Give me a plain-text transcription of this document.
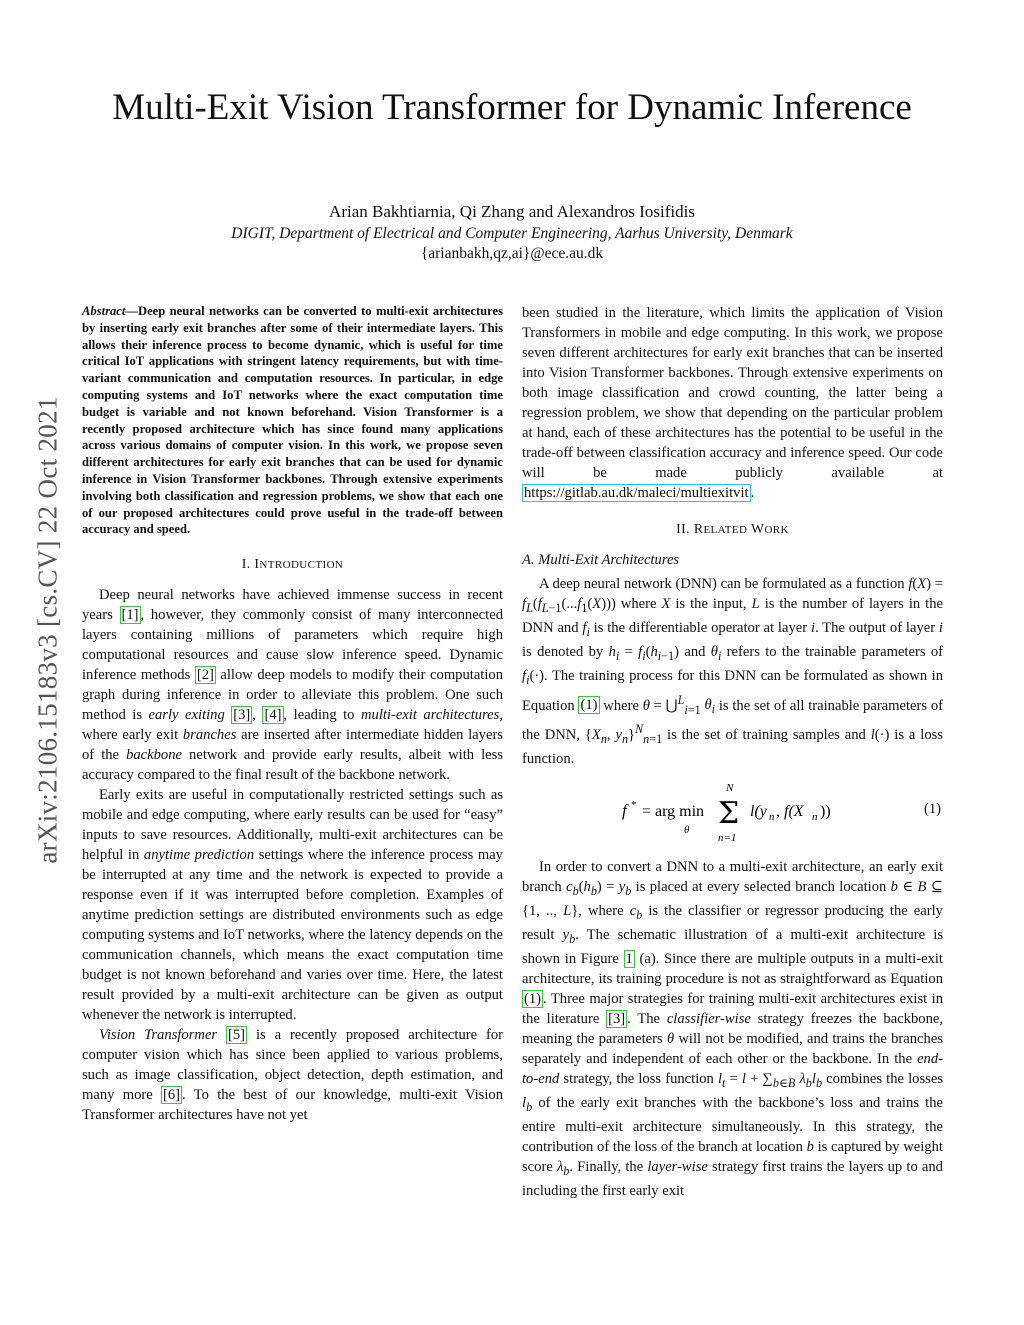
Multi-Exit Vision Transformer for Dynamic Inference
Arian Bakhtiarnia, Qi Zhang and Alexandros Iosifidis
DIGIT, Department of Electrical and Computer Engineering, Aarhus University, Denmark
{arianbakh,qz,ai}@ece.au.dk
arXiv:2106.15183v3 [cs.CV] 22 Oct 2021

Abstract—Deep neural networks can be converted to multi-exit architectures by inserting early exit branches after some of their intermediate layers. This allows their inference process to become dynamic, which is useful for time critical IoT applications with stringent latency requirements, but with time-variant communication and computation resources. In particular, in edge computing systems and IoT networks where the exact computation time budget is variable and not known beforehand. Vision Transformer is a recently proposed architecture which has since found many applications across various domains of computer vision. In this work, we propose seven different architectures for early exit branches that can be used for dynamic inference in Vision Transformer backbones. Through extensive experiments involving both classification and regression problems, we show that each one of our proposed architectures could prove useful in the trade-off between accuracy and speed.

I. INTRODUCTION

Deep neural networks have achieved immense success in recent years [1] , however, they commonly consist of many interconnected layers containing millions of parameters which require high computational resources and cause slow inference speed. Dynamic inference methods [2] allow deep models to modify their computation graph during inference in order to alleviate this problem. One such method is early exiting [3] , [4] , leading to multi-exit architectures, where early exit branches are inserted after intermediate hidden layers of the backbone network and provide early results, albeit with less accuracy compared to the final result of the backbone network.

Early exits are useful in computationally restricted settings such as mobile and edge computing, where early results can be used for “easy” inputs to save resources. Additionally, multi-exit architectures can be helpful in anytime prediction settings where the inference process may be interrupted at any time and the network is expected to provide a response even if it was interrupted before completion. Examples of anytime prediction settings are distributed environments such as edge computing systems and IoT networks, where the latency depends on the communication channels, which means the exact computation time budget is not known beforehand and varies over time. Here, the latest result provided by a multi-exit architecture can be given as output whenever the network is interrupted.

Vision Transformer [5] is a recently proposed architecture for computer vision which has since been applied to various problems, such as image classification, object detection, depth estimation, and many more [6] . To the best of our knowledge, multi-exit Vision Transformer architectures have not yet

been studied in the literature, which limits the application of Vision Transformers in mobile and edge computing. In this work, we propose seven different architectures for early exit branches that can be inserted into Vision Transformer backbones. Through extensive experiments on both image classification and crowd counting, the latter being a regression problem, we show that depending on the particular problem at hand, each of these architectures has the potential to be useful in the trade-off between classification accuracy and inference speed. Our code will be made publicly available at https://gitlab.au.dk/maleci/multiexitvit .

II. RELATED WORK
A. Multi-Exit Architectures

A deep neural network (DNN) can be formulated as a function $f(X) = f_L(f_{L-1}(...f_1(X)))$ where X is the input, L is the number of layers in the DNN and $f_i$ is the differentiable operator at layer i. The output of layer i is denoted by $h_i = f_i(h_{i-1})$ and $\theta_i$ refers to the trainable parameters of $f_i(\cdot)$. The training process for this DNN can be formulated as shown in Equation (1) where θ = ⋃$^L_{i=1}$ $\theta_i$ is the set of all trainable parameters of the DNN, {$X_n$, $y_n\}^N_{n=1}$ is the set of training samples and l(·) is a loss function.

f * = arg min
θ Σ
N
n=1
l(y n , f(X n ))	(1)

In order to convert a DNN to a multi-exit architecture, an early exit branch $c_b(h_b) = y_b$ is placed at every selected branch location b ∈ B ⊆ {1, .., L}, where $c_b$ is the classifier or regressor producing the early result $y_b$. The schematic illustration of a multi-exit architecture is shown in Figure 1 (a). Since there are multiple outputs in a multi-exit architecture, its training procedure is not as straightforward as Equation (1) . Three major strategies for training multi-exit architectures exist in the literature [3] . The classifier-wise strategy freezes the backbone, meaning the parameters θ will not be modified, and trains the branches separately and independent of each other or the backbone. In the end-to-end strategy, the loss function $l_t = l + \sum_{b\in B}$ $\lambda_bl_b$ combines the losses $l_b$ of the early exit branches with the backbone’s loss and trains the entire multi-exit architecture simultaneously. In this strategy, the contribution of the loss of the branch at location b is captured by weight score $\lambda_b$. Finally, the layer-wise strategy first trains the layers up to and including the first early exit
